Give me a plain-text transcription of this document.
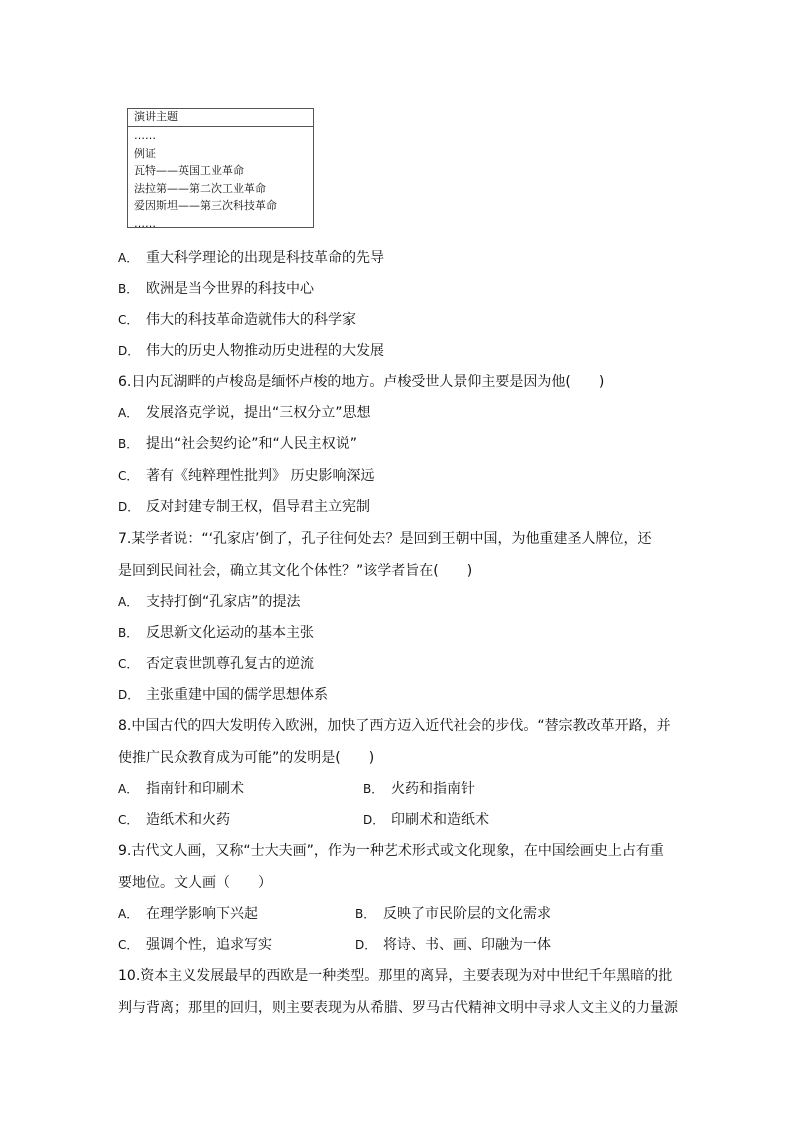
演讲主题
……
例证
瓦特——英国工业革命
法拉第——第二次工业革命
爱因斯坦——第三次科技革命
……
A． 重大科学理论的出现是科技革命的先导
B． 欧洲是当今世界的科技中心
C． 伟大的科技革命造就伟大的科学家
D． 伟大的历史人物推动历史进程的大发展
6.日内瓦湖畔的卢梭岛是缅怀卢梭的地方。卢梭受世人景仰主要是因为他(　　)
A． 发展洛克学说，提出“三权分立”思想
B． 提出“社会契约论”和“人民主权说”
C． 著有《纯粹理性批判》 历史影响深远
D． 反对封建专制王权，倡导君主立宪制
7.某学者说：“‘孔家店’倒了，孔子往何处去？是回到王朝中国，为他重建圣人牌位，还
是回到民间社会，确立其文化个体性？”该学者旨在(　　)
A． 支持打倒“孔家店”的提法
B． 反思新文化运动的基本主张
C． 否定袁世凯尊孔复古的逆流
D． 主张重建中国的儒学思想体系
8.中国古代的四大发明传入欧洲，加快了西方迈入近代社会的步伐。“替宗教改革开路，并
使推广民众教育成为可能”的发明是(　　)
A． 指南针和印刷术	B． 火药和指南针
C． 造纸术和火药	D． 印刷术和造纸术
9.古代文人画，又称“士大夫画”，作为一种艺术形式或文化现象，在中国绘画史上占有重
要地位。文人画（　　）
A． 在理学影响下兴起	B． 反映了市民阶层的文化需求
C． 强调个性，追求写实	D． 将诗、书、画、印融为一体
10.资本主义发展最早的西欧是一种类型。那里的离异，主要表现为对中世纪千年黑暗的批
判与背离；那里的回归，则主要表现为从希腊、罗马古代精神文明中寻求人文主义的力量源
